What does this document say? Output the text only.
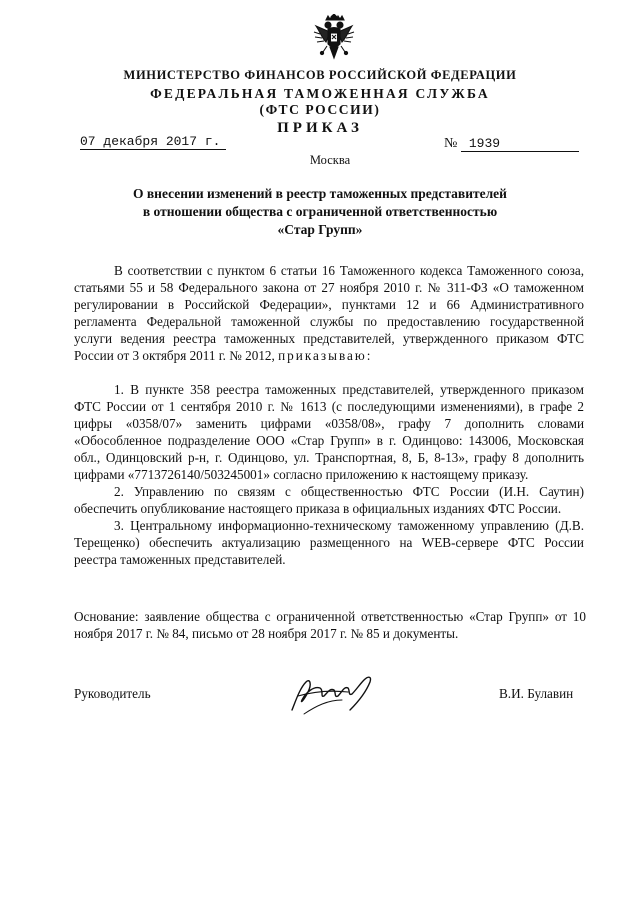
МИНИСТЕРСТВО ФИНАНСОВ РОССИЙСКОЙ ФЕДЕРАЦИИ
ФЕДЕРАЛЬНАЯ ТАМОЖЕННАЯ СЛУЖБА
(ФТС РОССИИ)
ПРИКАЗ
07 декабря 2017 г.	№ 1939
Москва
О внесении изменений в реестр таможенных представителей
в отношении общества с ограниченной ответственностью
«Стар Групп»
В соответствии с пунктом 6 статьи 16 Таможенного кодекса Таможенного союза, статьями 55 и 58 Федерального закона от 27 ноября 2010 г. № 311-ФЗ «О таможенном регулировании в Российской Федерации», пунктами 12 и 66 Административного регламента Федеральной таможенной службы по предоставлению государственной услуги ведения реестра таможенных представителей, утвержденного приказом ФТС России от 3 октября 2011 г. № 2012, приказываю:
1. В пункте 358 реестра таможенных представителей, утвержденного приказом ФТС России от 1 сентября 2010 г. № 1613 (с последующими изменениями), в графе 2 цифры «0358/07» заменить цифрами «0358/08», графу 7 дополнить словами «Обособленное подразделение ООО «Стар Групп» в г. Одинцово: 143006, Московская обл., Одинцовский р-н, г. Одинцово, ул. Транспортная, 8, Б, 8-13», графу 8 дополнить цифрами «7713726140/503245001» согласно приложению к настоящему приказу.
2. Управлению по связям с общественностью ФТС России (И.Н. Саутин) обеспечить опубликование настоящего приказа в официальных изданиях ФТС России.
3. Центральному информационно-техническому таможенному управлению (Д.В. Терещенко) обеспечить актуализацию размещенного на WEB-сервере ФТС России реестра таможенных представителей.
Основание: заявление общества с ограниченной ответственностью «Стар Групп» от 10 ноября 2017 г. № 84, письмо от 28 ноября 2017 г. № 85 и документы.
Руководитель	В.И. Булавин
